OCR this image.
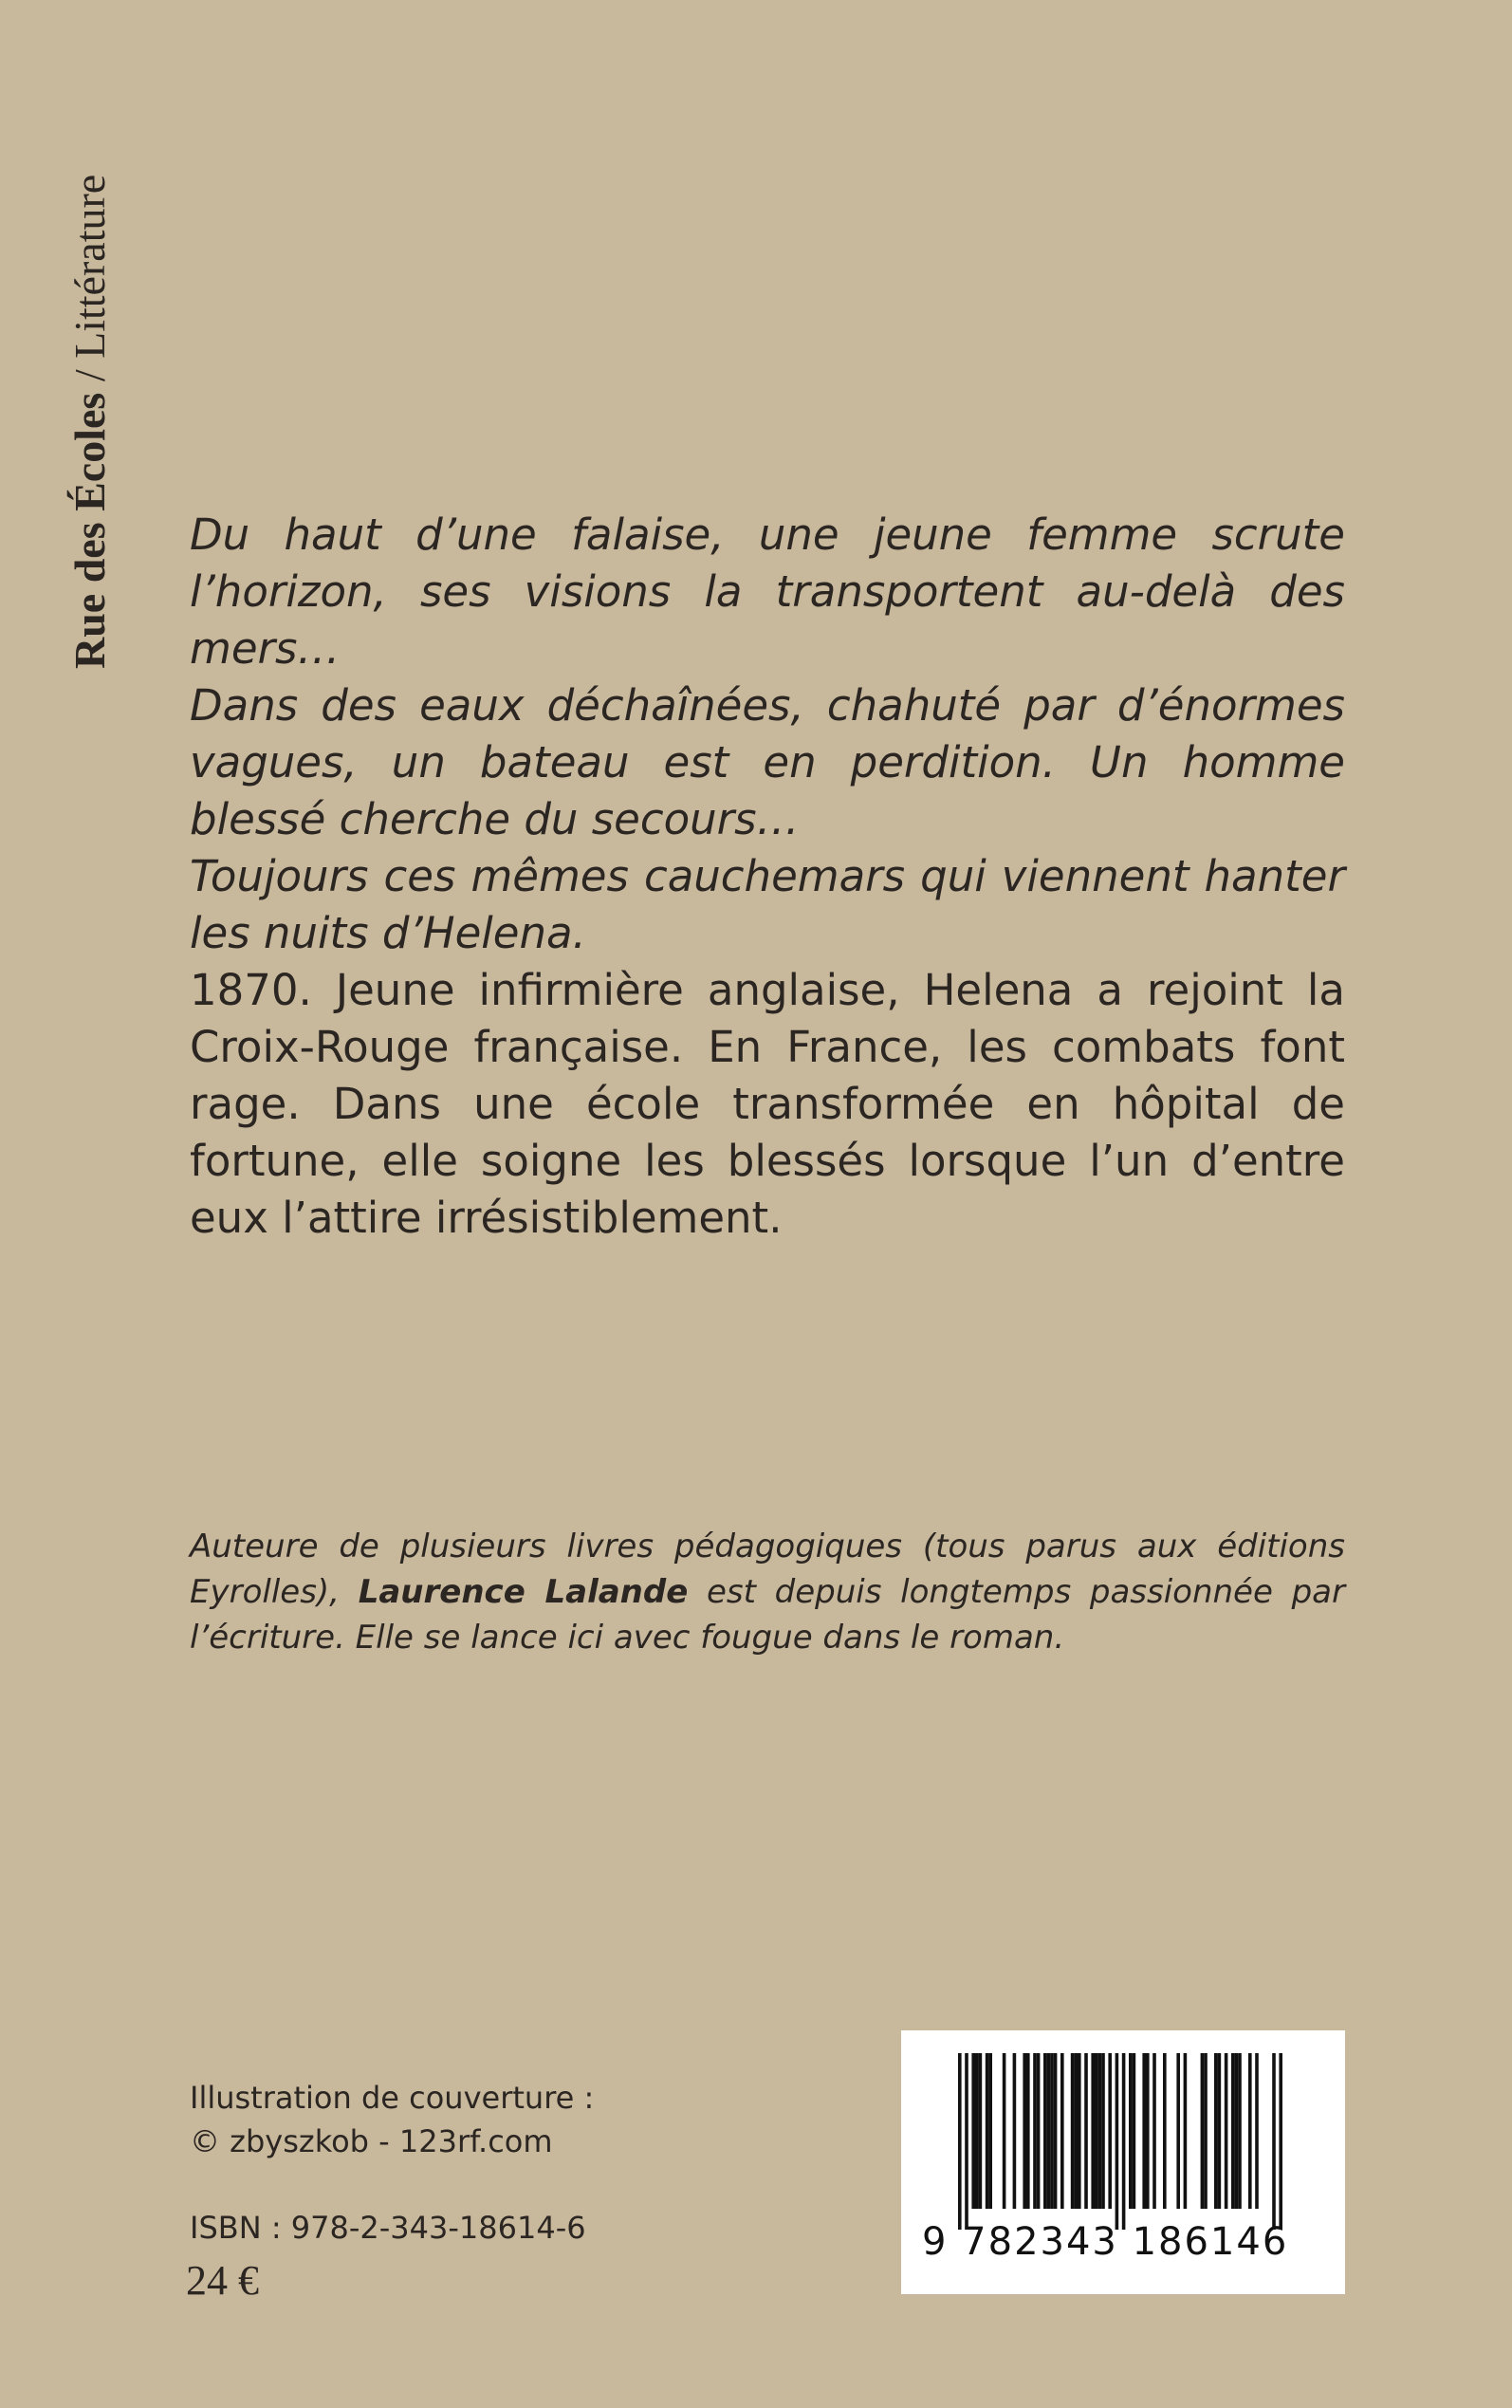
Rue des Écoles / Littérature

Du haut d’une falaise, une jeune femme scrute l’horizon, ses visions la transportent au-delà des mers…

Dans des eaux déchaînées, chahuté par d’énormes vagues, un bateau est en perdition. Un homme blessé cherche du secours…

Toujours ces mêmes cauchemars qui viennent hanter les nuits d’Helena.

1870. Jeune infirmière anglaise, Helena a rejoint la Croix-Rouge française. En France, les combats font rage. Dans une école transformée en hôpital de fortune, elle soigne les blessés lorsque l’un d’entre eux l’attire irrésistiblement.

Auteure de plusieurs livres pédagogiques (tous parus aux éditions Eyrolles), Laurence Lalande est depuis longtemps passionnée par l’écriture. Elle se lance ici avec fougue dans le roman.
Illustration de couverture :
© zbyszkob - 123rf.com
ISBN : 978-2-343-18614-6
24 €
9 782343 186146
